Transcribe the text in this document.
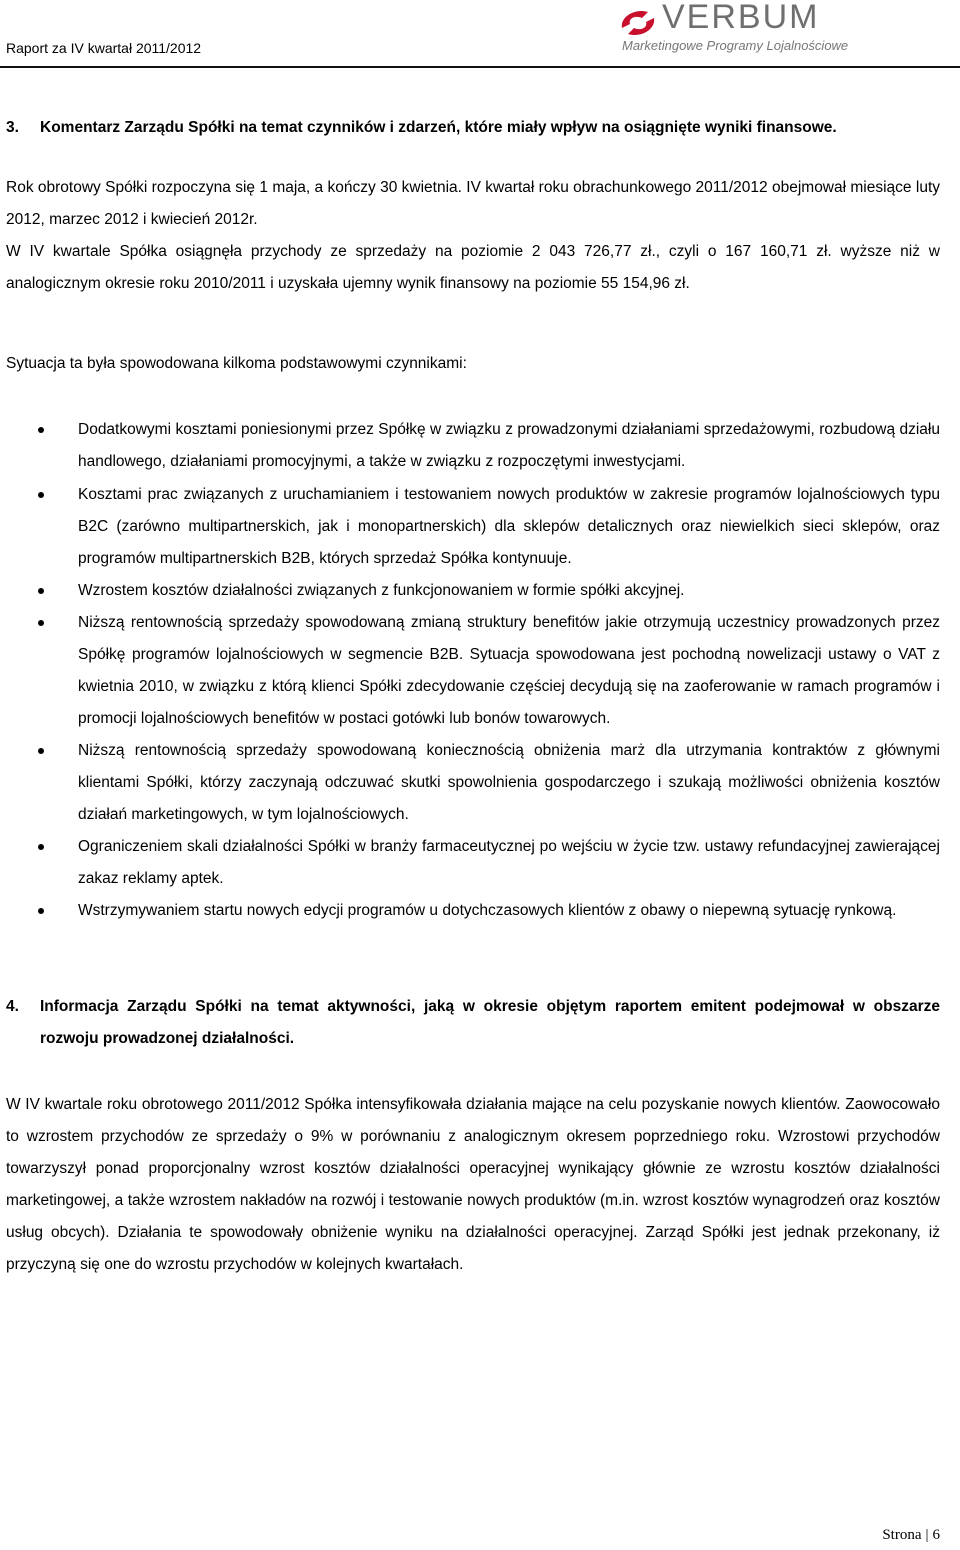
Raport za IV kwartał 2011/2012
VERBUM
Marketingowe Programy Lojalnościowe
3.	Komentarz Zarządu Spółki na temat czynników i zdarzeń, które miały wpływ na osiągnięte wyniki finansowe.

Rok obrotowy Spółki rozpoczyna się 1 maja, a kończy 30 kwietnia. IV kwartał roku obrachunkowego 2011/2012 obejmował miesiące luty 2012, marzec 2012 i kwiecień 2012r.

W IV kwartale Spółka osiągnęła przychody ze sprzedaży na poziomie 2 043 726,77 zł., czyli o 167 160,71 zł. wyższe niż w analogicznym okresie roku 2010/2011 i uzyskała ujemny wynik finansowy na poziomie 55 154,96 zł.

Sytuacja ta była spowodowana kilkoma podstawowymi czynnikami:

Dodatkowymi kosztami poniesionymi przez Spółkę w związku z prowadzonymi działaniami sprzedażowymi, rozbudową działu handlowego, działaniami promocyjnymi, a także w związku z rozpoczętymi inwestycjami.
Kosztami prac związanych z uruchamianiem i testowaniem nowych produktów w zakresie programów lojalnościowych typu B2C (zarówno multipartnerskich, jak i monopartnerskich) dla sklepów detalicznych oraz niewielkich sieci sklepów, oraz programów multipartnerskich B2B, których sprzedaż Spółka kontynuuje.
Wzrostem kosztów działalności związanych z funkcjonowaniem w formie spółki akcyjnej.
Niższą rentownością sprzedaży spowodowaną zmianą struktury benefitów jakie otrzymują uczestnicy prowadzonych przez Spółkę programów lojalnościowych w segmencie B2B. Sytuacja spowodowana jest pochodną nowelizacji ustawy o VAT z kwietnia 2010, w związku z którą klienci Spółki zdecydowanie częściej decydują się na zaoferowanie w ramach programów i promocji lojalnościowych benefitów w postaci gotówki lub bonów towarowych.
Niższą rentownością sprzedaży spowodowaną koniecznością obniżenia marż dla utrzymania kontraktów z głównymi klientami Spółki, którzy zaczynają odczuwać skutki spowolnienia gospodarczego i szukają możliwości obniżenia kosztów działań marketingowych, w tym lojalnościowych.
Ograniczeniem skali działalności Spółki w branży farmaceutycznej po wejściu w życie tzw. ustawy refundacyjnej zawierającej zakaz reklamy aptek.
Wstrzymywaniem startu nowych edycji programów u dotychczasowych klientów z obawy o niepewną sytuację rynkową.
4.	Informacja Zarządu Spółki na temat aktywności, jaką w okresie objętym raportem emitent podejmował w obszarze rozwoju prowadzonej działalności.

W IV kwartale roku obrotowego 2011/2012 Spółka intensyfikowała działania mające na celu pozyskanie nowych klientów. Zaowocowało to wzrostem przychodów ze sprzedaży o 9% w porównaniu z analogicznym okresem poprzedniego roku. Wzrostowi przychodów towarzyszył ponad proporcjonalny wzrost kosztów działalności operacyjnej wynikający głównie ze wzrostu kosztów działalności marketingowej, a także wzrostem nakładów na rozwój i testowanie nowych produktów (m.in. wzrost kosztów wynagrodzeń oraz kosztów usług obcych). Działania te spowodowały obniżenie wyniku na działalności operacyjnej. Zarząd Spółki jest jednak przekonany, iż przyczyną się one do wzrostu przychodów w kolejnych kwartałach.

Strona | 6
